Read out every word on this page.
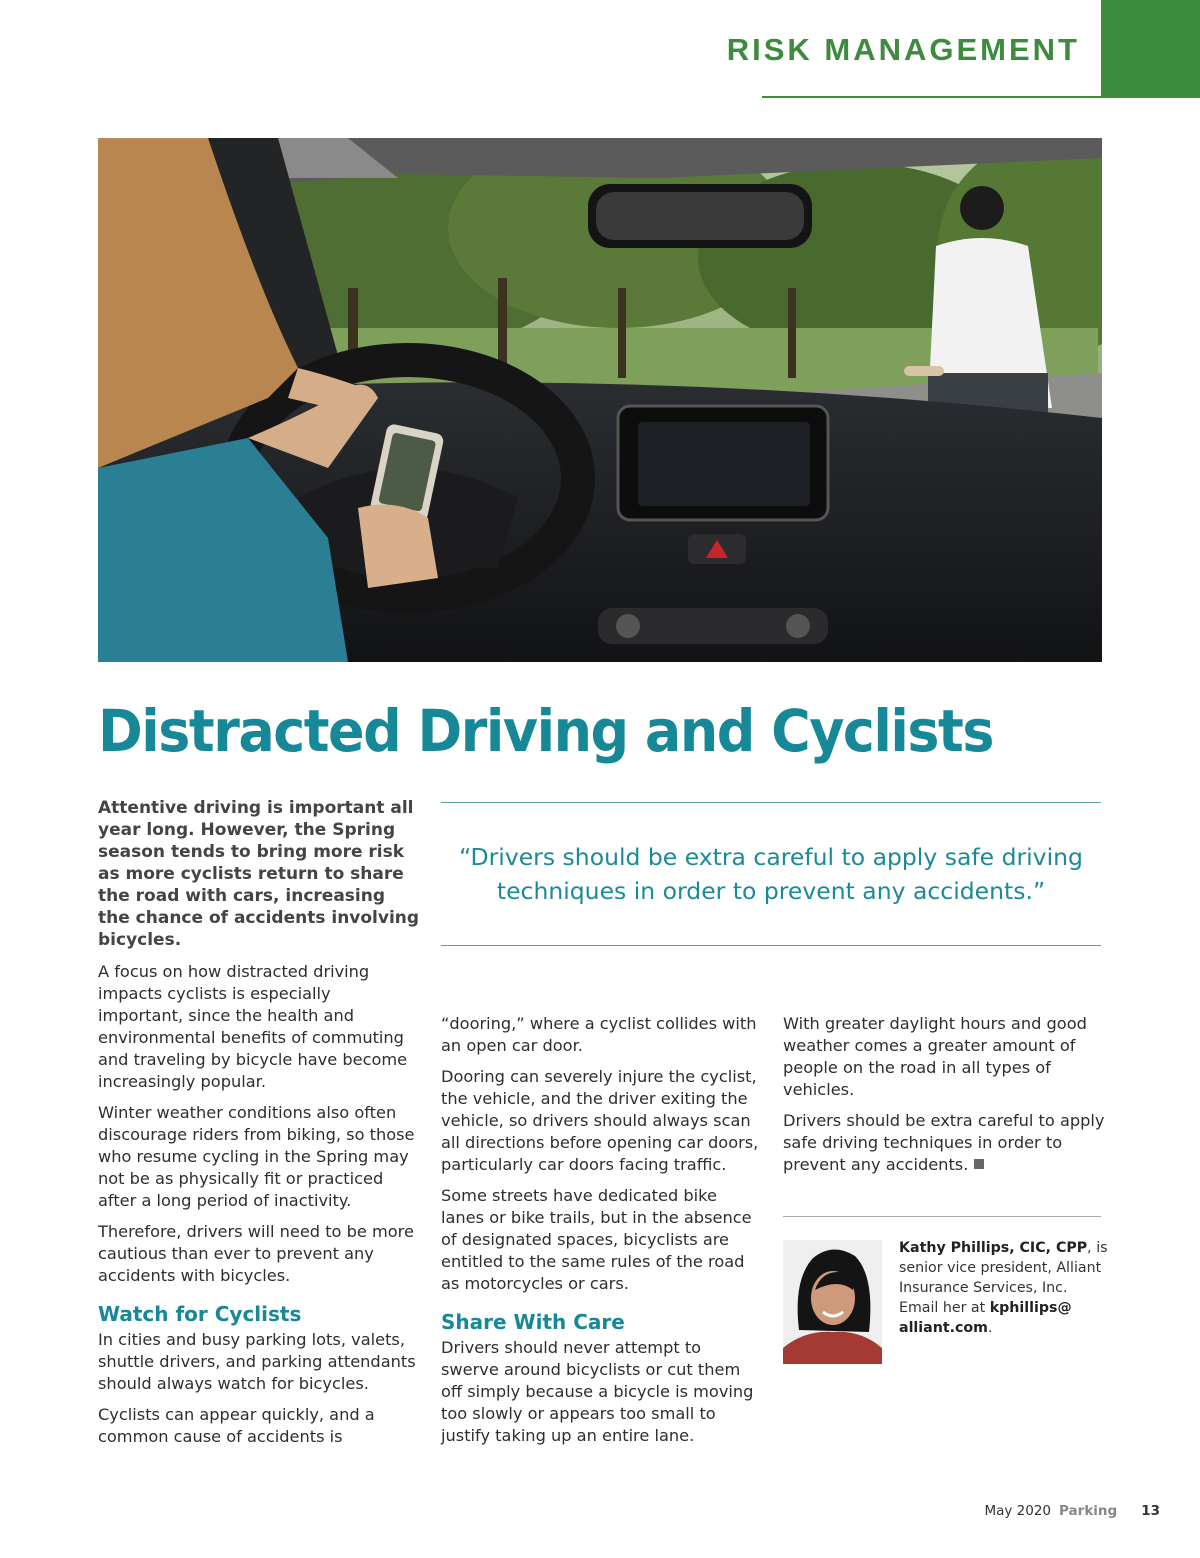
RISK MANAGEMENT
Distracted Driving and Cyclists

Attentive driving is important all year long. However, the Spring season tends to bring more risk as more cyclists return to share the road with cars, increasing the chance of accidents involving bicycles.

A focus on how distracted driving impacts cyclists is especially important, since the health and environmental benefits of commuting and traveling by bicycle have become increasingly popular.

Winter weather conditions also often discourage riders from biking, so those who resume cycling in the Spring may not be as physically fit or practiced after a long period of inactivity.

Therefore, drivers will need to be more cautious than ever to prevent any accidents with bicycles.

Watch for Cyclists

In cities and busy parking lots, valets, shuttle drivers, and parking attendants should always watch for bicycles.

Cyclists can appear quickly, and a common cause of accidents is

“Drivers should be extra careful to apply safe driving techniques in order to prevent any accidents.”

“dooring,” where a cyclist collides with an open car door.

Dooring can severely injure the cyclist, the vehicle, and the driver exiting the vehicle, so drivers should always scan all directions before opening car doors, particularly car doors facing traffic.

Some streets have dedicated bike lanes or bike trails, but in the absence of designated spaces, bicyclists are entitled to the same rules of the road as motorcycles or cars.

Share With Care

Drivers should never attempt to swerve around bicyclists or cut them off simply because a bicycle is moving too slowly or appears too small to justify taking up an entire lane.

With greater daylight hours and good weather comes a greater amount of people on the road in all types of vehicles.

Drivers should be extra careful to apply safe driving techniques in order to prevent any accidents.

Kathy Phillips, CIC, CPP, is senior vice president, Alliant Insurance Services, Inc. Email her at kphillips@ alliant.com.

May 2020 Parking 13
